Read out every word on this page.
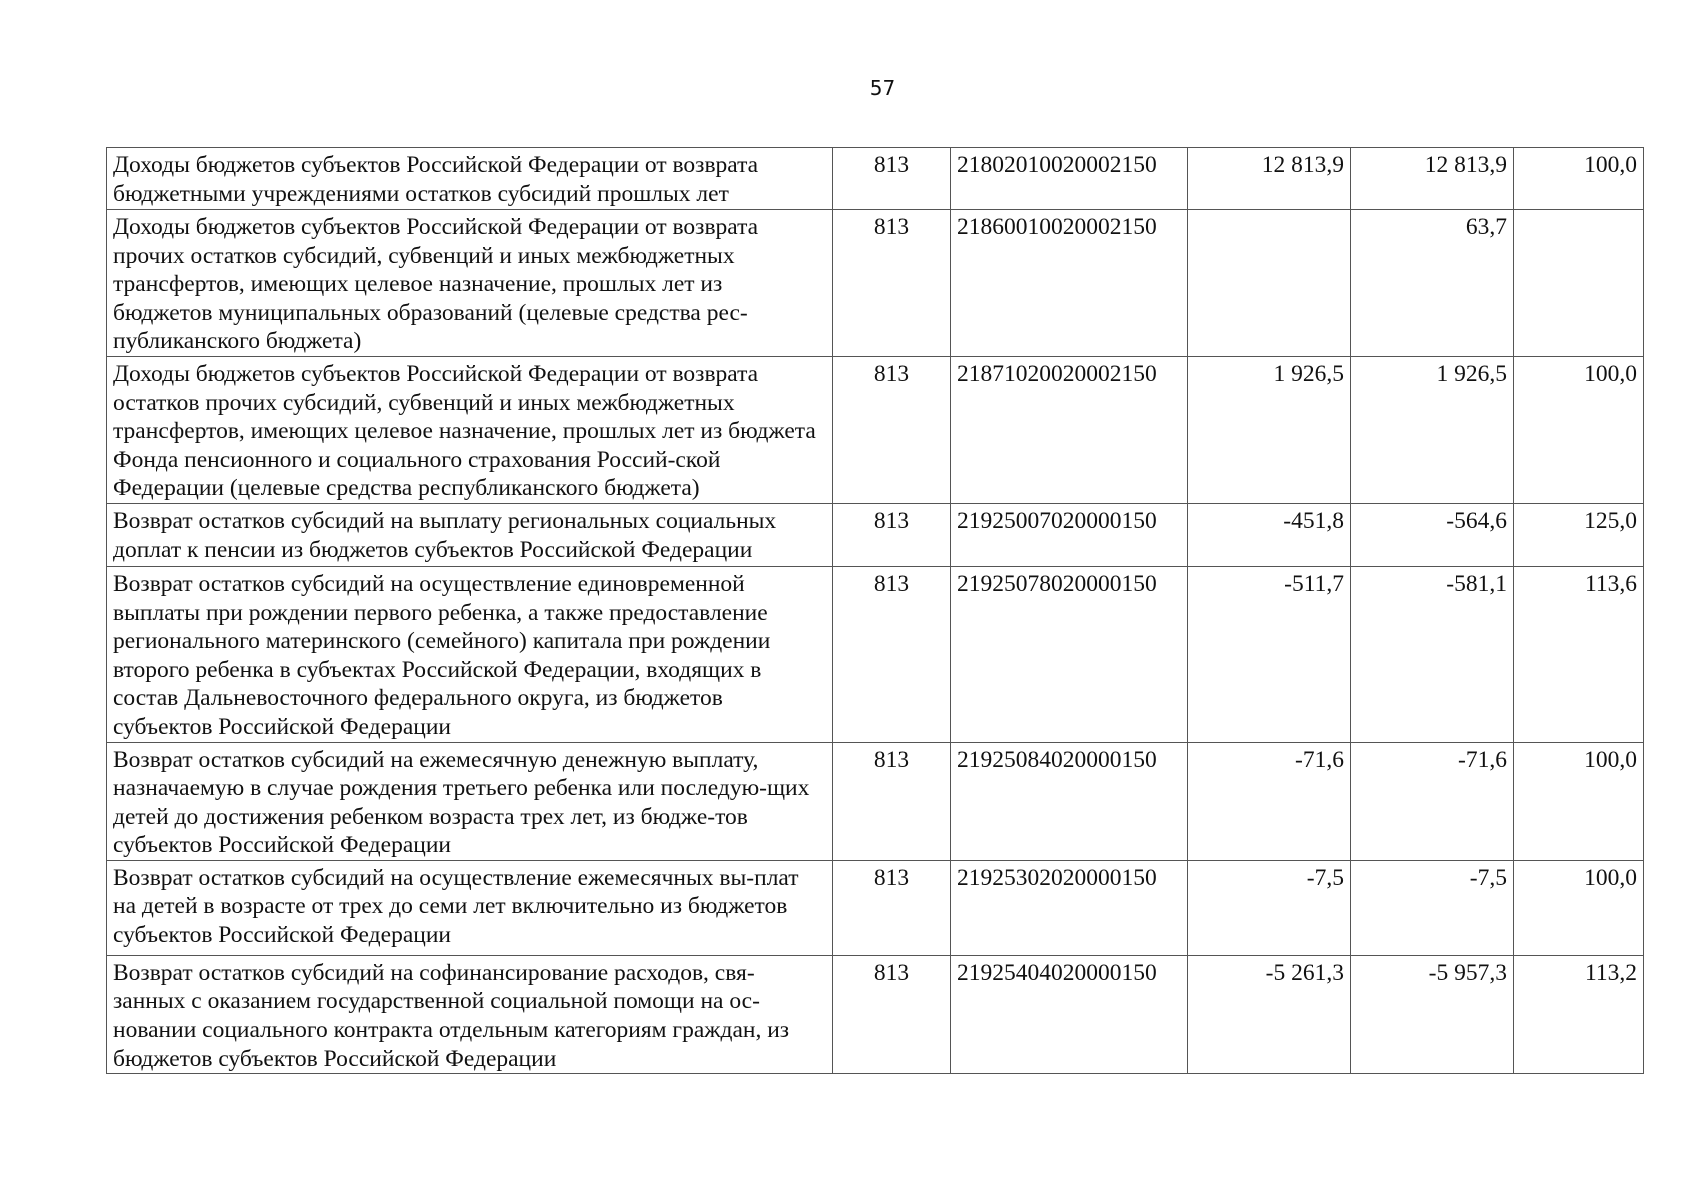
57
Доходы бюджетов субъектов Российской Федерации от возврата бюджетными учреждениями остатков субсидий прошлых лет	813	21802010020002150	12 813,9	12 813,9	100,0
Доходы бюджетов субъектов Российской Федерации от возврата прочих остатков субсидий, субвенций и иных межбюджетных трансфертов, имеющих целевое назначение, прошлых лет из бюджетов муниципальных образований (целевые средства рес-публиканского бюджета)	813	21860010020002150		63,7	
Доходы бюджетов субъектов Российской Федерации от возврата остатков прочих субсидий, субвенций и иных межбюджетных трансфертов, имеющих целевое назначение, прошлых лет из бюджета Фонда пенсионного и социального страхования Россий-ской Федерации (целевые средства республиканского бюджета)	813	21871020020002150	1 926,5	1 926,5	100,0
Возврат остатков субсидий на выплату региональных социальных доплат к пенсии из бюджетов субъектов Российской Федерации	813	21925007020000150	-451,8	-564,6	125,0
Возврат остатков субсидий на осуществление единовременной выплаты при рождении первого ребенка, а также предоставление регионального материнского (семейного) капитала при рождении второго ребенка в субъектах Российской Федерации, входящих в состав Дальневосточного федерального округа, из бюджетов субъектов Российской Федерации	813	21925078020000150	-511,7	-581,1	113,6
Возврат остатков субсидий на ежемесячную денежную выплату, назначаемую в случае рождения третьего ребенка или последую-щих детей до достижения ребенком возраста трех лет, из бюдже-тов субъектов Российской Федерации	813	21925084020000150	-71,6	-71,6	100,0
Возврат остатков субсидий на осуществление ежемесячных вы-плат на детей в возрасте от трех до семи лет включительно из бюджетов субъектов Российской Федерации	813	21925302020000150	-7,5	-7,5	100,0
Возврат остатков субсидий на софинансирование расходов, свя-занных с оказанием государственной социальной помощи на ос-новании социального контракта отдельным категориям граждан, из бюджетов субъектов Российской Федерации	813	21925404020000150	-5 261,3	-5 957,3	113,2
